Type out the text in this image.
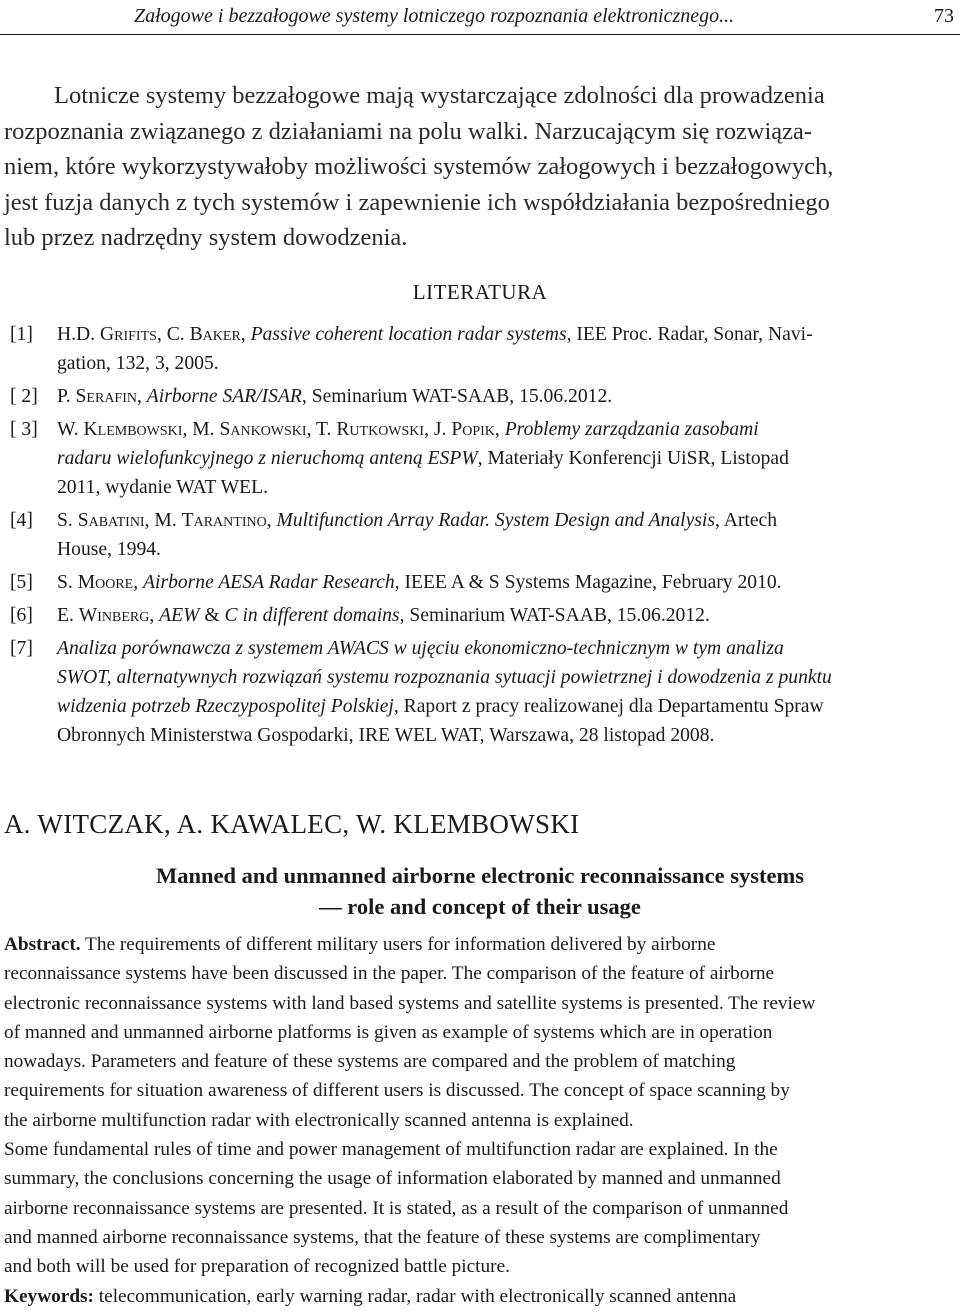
Załogowe i bezzałogowe systemy lotniczego rozpoznania elektronicznego...	73
Lotnicze systemy bezzałogowe mają wystarczające zdolności dla prowadzenia
rozpoznania związanego z działaniami na polu walki. Narzucającym się rozwiąza-
niem, które wykorzystywałoby możliwości systemów załogowych i bezzałogowych,
jest fuzja danych z tych systemów i zapewnienie ich współdziałania bezpośredniego
lub przez nadrzędny system dowodzenia.
LITERATURA

[1] H.D. Grifits, C. Baker, Passive coherent location radar systems, IEE Proc. Radar, Sonar, Navi-
gation, 132, 3, 2005.

[ 2] P. Serafin, Airborne SAR/ISAR, Seminarium WAT-SAAB, 15.06.2012.

[ 3] W. Klembowski, M. Sankowski, T. Rutkowski, J. Popik, Problemy zarządzania zasobami
radaru wielofunkcyjnego z nieruchomą anteną ESPW, Materiały Konferencji UiSR, Listopad
2011, wydanie WAT WEL.

[4] S. Sabatini, M. Tarantino, Multifunction Array Radar. System Design and Analysis, Artech
House, 1994.

[5] S. Moore, Airborne AESA Radar Research, IEEE A & S Systems Magazine, February 2010.

[6] E. Winberg, AEW & C in different domains, Seminarium WAT-SAAB, 15.06.2012.

[7] Analiza porównawcza z systemem AWACS w ujęciu ekonomiczno-technicznym w tym analiza
SWOT, alternatywnych rozwiązań systemu rozpoznania sytuacji powietrznej i dowodzenia z punktu
widzenia potrzeb Rzeczypospolitej Polskiej, Raport z pracy realizowanej dla Departamentu Spraw
Obronnych Ministerstwa Gospodarki, IRE WEL WAT, Warszawa, 28 listopad 2008.

A. WITCZAK, A. KAWALEC, W. KLEMBOWSKI
Manned and unmanned airborne electronic reconnaissance systems
— role and concept of their usage
Abstract. The requirements of different military users for information delivered by airborne
reconnaissance systems have been discussed in the paper. The comparison of the feature of airborne
electronic reconnaissance systems with land based systems and satellite systems is presented. The review
of manned and unmanned airborne platforms is given as example of systems which are in operation
nowadays. Parameters and feature of these systems are compared and the problem of matching
requirements for situation awareness of different users is discussed. The concept of space scanning by
the airborne multifunction radar with electronically scanned antenna is explained.
Some fundamental rules of time and power management of multifunction radar are explained. In the
summary, the conclusions concerning the usage of information elaborated by manned and unmanned
airborne reconnaissance systems are presented. It is stated, as a result of the comparison of unmanned
and manned airborne reconnaissance systems, that the feature of these systems are complimentary
and both will be used for preparation of recognized battle picture.
Keywords: telecommunication, early warning radar, radar with electronically scanned antenna
